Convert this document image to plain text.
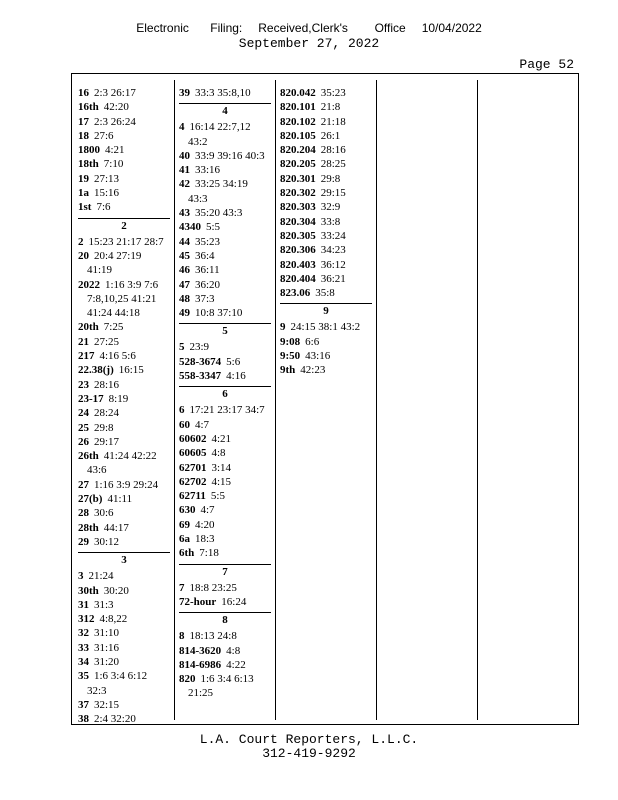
Electronic    Filing:   Received,Clerk's     Office   10/04/2022
September 27, 2022
Page 52
16 2:3 26:17
16th 42:20
17 2:3 26:24
18 27:6
1800 4:21
18th 7:10
19 27:13
1a 15:16
1st 7:6
2
2 15:23 21:17 28:7
20 20:4 27:19
41:19
2022 1:16 3:9 7:6
7:8,10,25 41:21
41:24 44:18
20th 7:25
21 27:25
217 4:16 5:6
22.38(j) 16:15
23 28:16
23-17 8:19
24 28:24
25 29:8
26 29:17
26th 41:24 42:22
43:6
27 1:16 3:9 29:24
27(b) 41:11
28 30:6
28th 44:17
29 30:12
3
3 21:24
30th 30:20
31 31:3
312 4:8,22
32 31:10
33 31:16
34 31:20
35 1:6 3:4 6:12
32:3
37 32:15
38 2:4 32:20
39 33:3 35:8,10
4
4 16:14 22:7,12
43:2
40 33:9 39:16 40:3
41 33:16
42 33:25 34:19
43:3
43 35:20 43:3
4340 5:5
44 35:23
45 36:4
46 36:11
47 36:20
48 37:3
49 10:8 37:10
5
5 23:9
528-3674 5:6
558-3347 4:16
6
6 17:21 23:17 34:7
60 4:7
60602 4:21
60605 4:8
62701 3:14
62702 4:15
62711 5:5
630 4:7
69 4:20
6a 18:3
6th 7:18
7
7 18:8 23:25
72-hour 16:24
8
8 18:13 24:8
814-3620 4:8
814-6986 4:22
820 1:6 3:4 6:13
21:25
820.042 35:23
820.101 21:8
820.102 21:18
820.105 26:1
820.204 28:16
820.205 28:25
820.301 29:8
820.302 29:15
820.303 32:9
820.304 33:8
820.305 33:24
820.306 34:23
820.403 36:12
820.404 36:21
823.06 35:8
9
9 24:15 38:1 43:2
9:08 6:6
9:50 43:16
9th 42:23
L.A. Court Reporters, L.L.C.
312-419-9292
